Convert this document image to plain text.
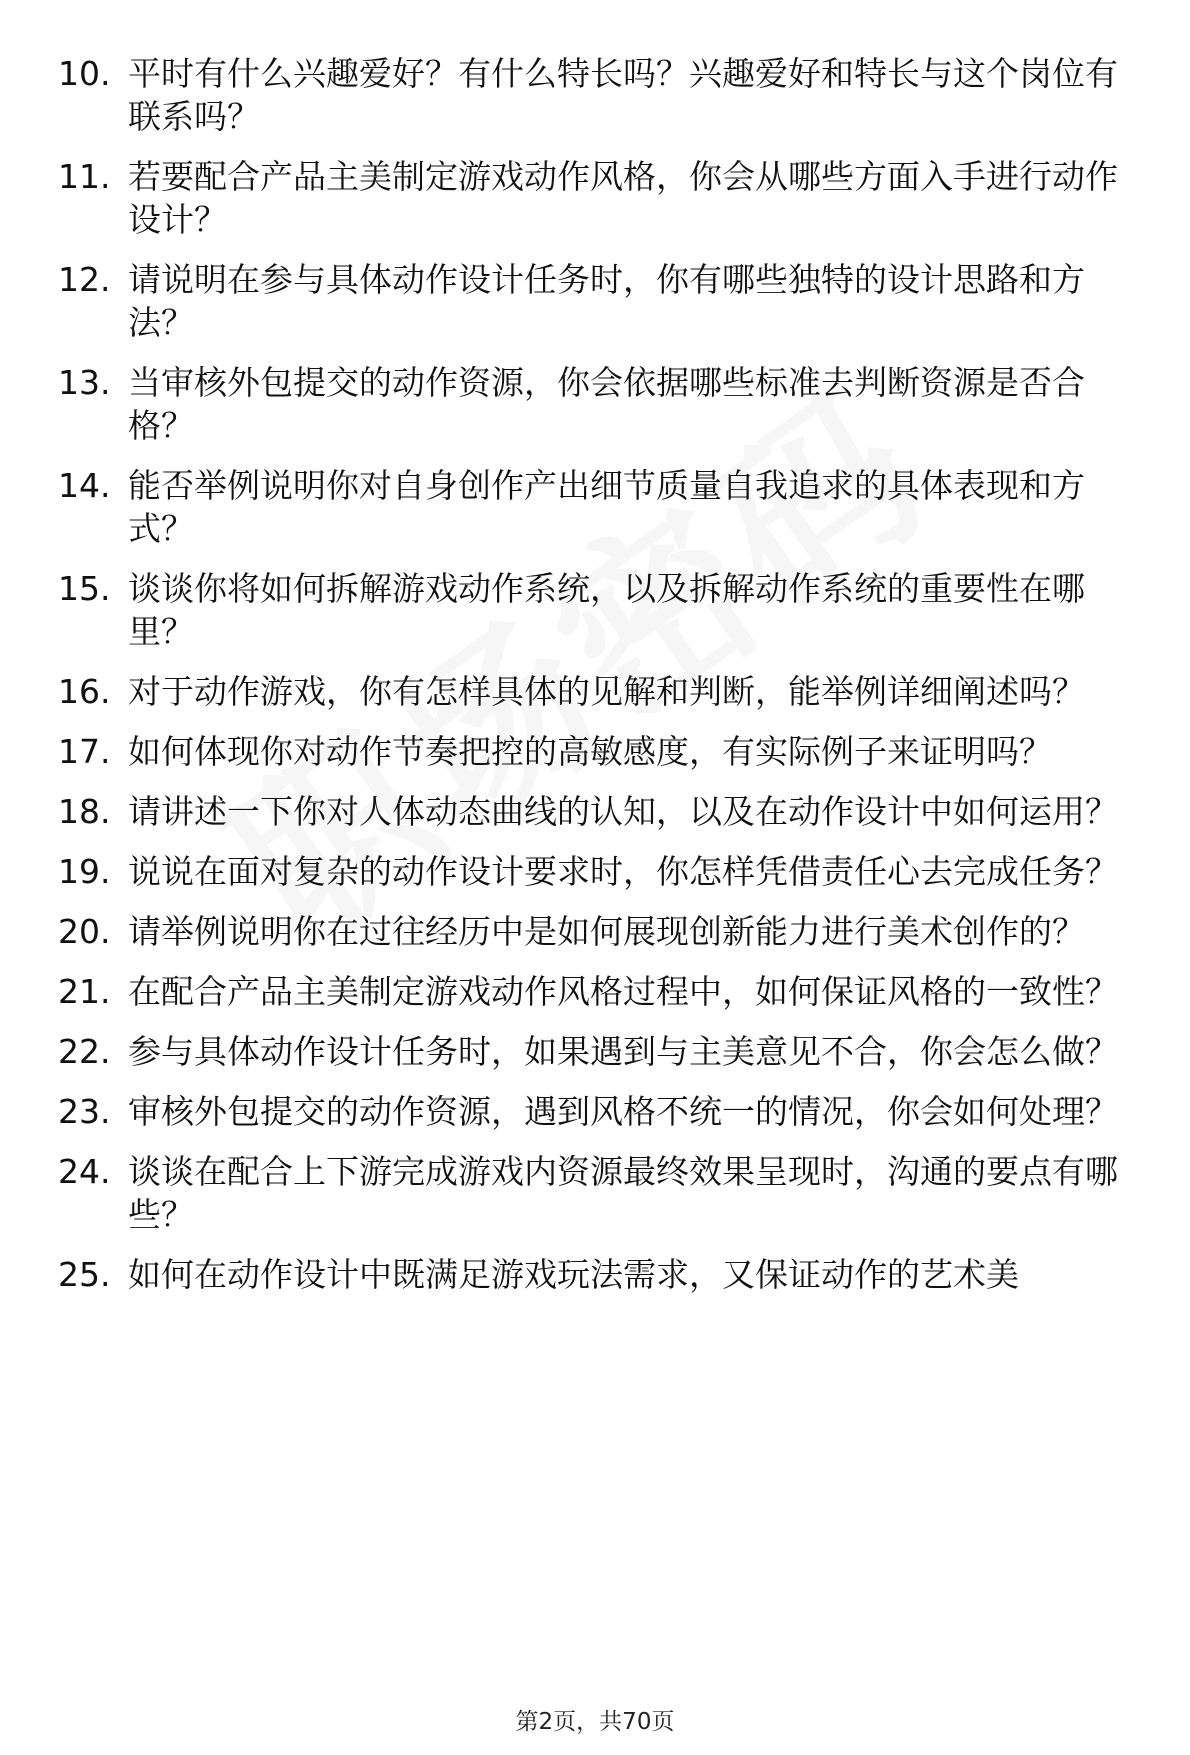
10. 平时有什么兴趣爱好？有什么特长吗？兴趣爱好和特长与这个岗位有联系吗？
11. 若要配合产品主美制定游戏动作风格，你会从哪些方面入手进行动作设计？
12. 请说明在参与具体动作设计任务时，你有哪些独特的设计思路和方法？
13. 当审核外包提交的动作资源，你会依据哪些标准去判断资源是否合格？
14. 能否举例说明你对自身创作产出细节质量自我追求的具体表现和方式？
15. 谈谈你将如何拆解游戏动作系统，以及拆解动作系统的重要性在哪里？
16. 对于动作游戏，你有怎样具体的见解和判断，能举例详细阐述吗？
17. 如何体现你对动作节奏把控的高敏感度，有实际例子来证明吗？
18. 请讲述一下你对人体动态曲线的认知，以及在动作设计中如何运用？
19. 说说在面对复杂的动作设计要求时，你怎样凭借责任心去完成任务？
20. 请举例说明你在过往经历中是如何展现创新能力进行美术创作的？
21. 在配合产品主美制定游戏动作风格过程中，如何保证风格的一致性？
22. 参与具体动作设计任务时，如果遇到与主美意见不合，你会怎么做？
23. 审核外包提交的动作资源，遇到风格不统一的情况，你会如何处理？
24. 谈谈在配合上下游完成游戏内资源最终效果呈现时，沟通的要点有哪些？
25. 如何在动作设计中既满足游戏玩法需求，又保证动作的艺术美
第2页，共70页
